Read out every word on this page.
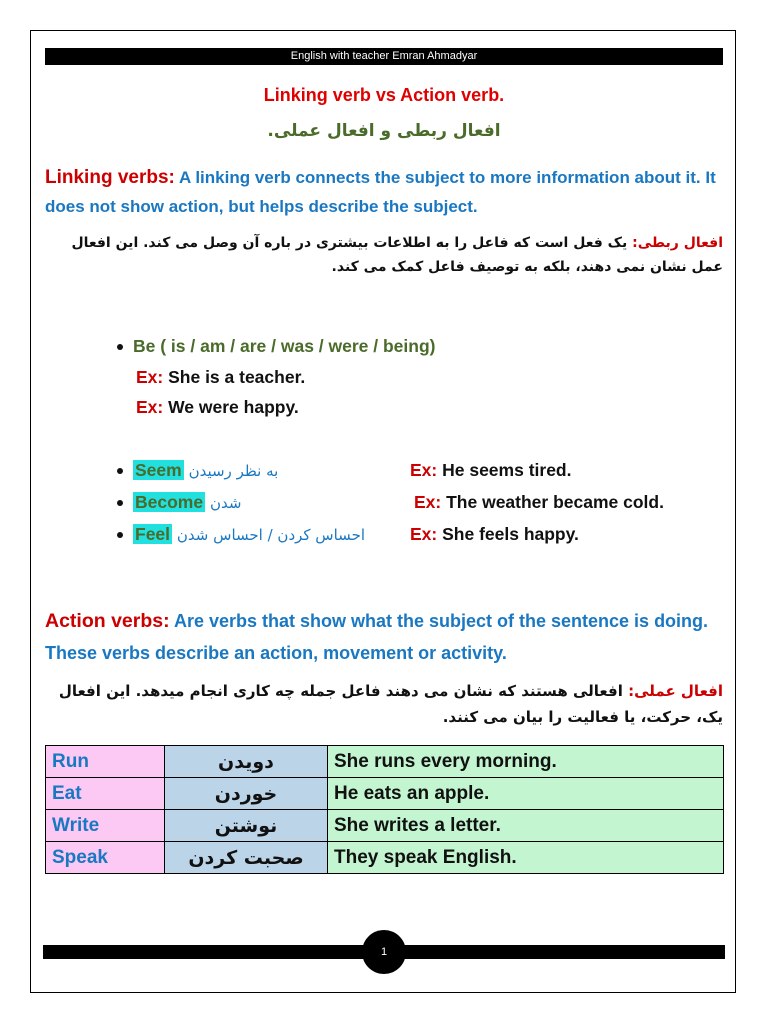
English with teacher Emran Ahmadyar
Linking verb vs Action verb.
افعال ربطی و افعال عملی.
Linking verbs: A linking verb connects the subject to more information about it. It does not show action, but helps describe the subject.
افعال ربطی: یک فعل است که فاعل را به اطلاعات بیشتری در باره آن وصل می کند. این افعال عمل نشان نمی دهند، بلکه به توصیف فاعل کمک می کند.
Be ( is / am / are / was / were / being)
Ex: She is a teacher.
Ex: We were happy.
Seem به نظر رسیدن	Ex: He seems tired.
Become شدن	Ex: The weather became cold.
Feel احساس کردن / احساس شدن	Ex: She feels happy.
Action verbs: Are verbs that show what the subject of the sentence is doing. These verbs describe an action, movement or activity.
افعال عملی: افعالی هستند که نشان می دهند فاعل جمله چه کاری انجام میدهد. این افعال یک، حرکت، یا فعالیت را بیان می کنند.
Run	دویدن	She runs every morning.
Eat	خوردن	He eats an apple.
Write	نوشتن	She writes a letter.
Speak	صحبت کردن	They speak English.
1
